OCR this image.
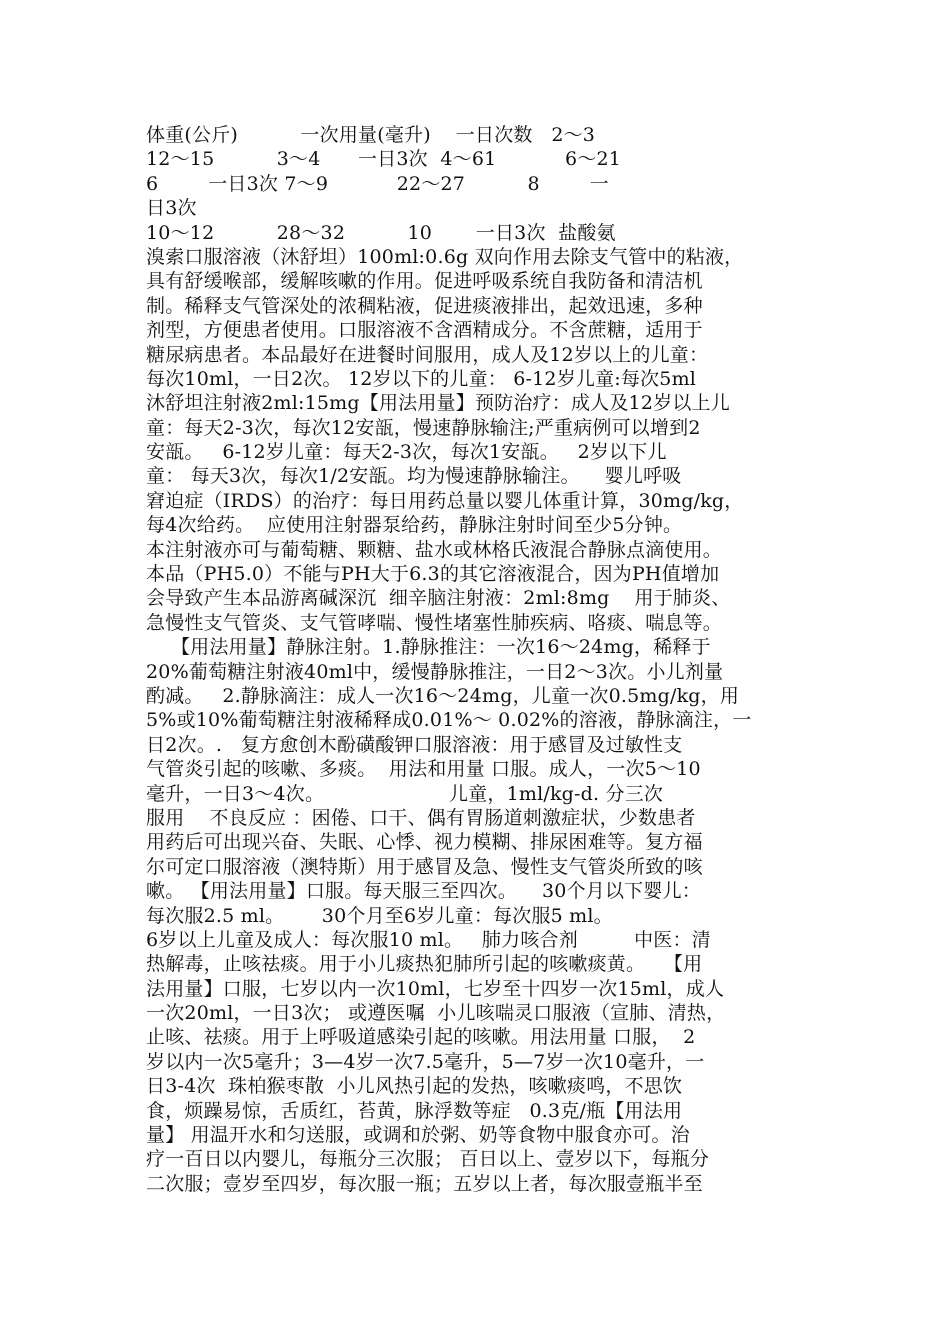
体重(公斤)          一次用量(毫升)    一日次数   2～3
12～15          3～4      一日3次  4～61           6～21
6        一日3次 7～9           22～27          8        一
日3次
10～12          28～32          10       一日3次  盐酸氨
溴索口服溶液（沐舒坦）100ml:0.6g 双向作用去除支气管中的粘液，
具有舒缓喉部，缓解咳嗽的作用。促进呼吸系统自我防备和清洁机
制。稀释支气管深处的浓稠粘液，促进痰液排出，起效迅速，多种
剂型，方便患者使用。口服溶液不含酒精成分。不含蔗糖，适用于
糖尿病患者。本品最好在进餐时间服用，成人及12岁以上的儿童：
每次10ml，一日2次。 12岁以下的儿童： 6-12岁儿童:每次5ml
沐舒坦注射液2ml:15mg【用法用量】预防治疗：成人及12岁以上儿
童：每天2-3次，每次12安瓿，慢速静脉输注;严重病例可以增到2
安瓿。   6-12岁儿童：每天2-3次，每次1安瓿。   2岁以下儿
童： 每天3次，每次1/2安瓿。均为慢速静脉输注。    婴儿呼吸
窘迫症（IRDS）的治疗：每日用药总量以婴儿体重计算，30mg/kg，
每4次给药。  应使用注射器泵给药，静脉注射时间至少5分钟。
本注射液亦可与葡萄糖、颗糖、盐水或林格氏液混合静脉点滴使用。
本品（PH5.0）不能与PH大于6.3的其它溶液混合，因为PH值增加
会导致产生本品游离碱深沉  细辛脑注射液：2ml:8mg    用于肺炎、
急慢性支气管炎、支气管哮喘、慢性堵塞性肺疾病、咯痰、喘息等。
【用法用量】静脉注射。1.静脉推注：一次16～24mg，稀释于
20%葡萄糖注射液40ml中，缓慢静脉推注，一日2～3次。小儿剂量
酌减。   2.静脉滴注：成人一次16～24mg，儿童一次0.5mg/kg，用
5%或10%葡萄糖注射液稀释成0.01%～ 0.02%的溶液，静脉滴注，一
日2次。.   复方愈创木酚磺酸钾口服溶液：用于感冒及过敏性支
气管炎引起的咳嗽、多痰。  用法和用量 口服。成人，一次5～10
毫升，一日3～4次。                    儿童，1ml/kg-d. 分三次
服用    不良反应 ：困倦、口干、偶有胃肠道刺激症状，少数患者
用药后可出现兴奋、失眠、心悸、视力模糊、排尿困难等。复方福
尔可定口服溶液（澳特斯）用于感冒及急、慢性支气管炎所致的咳
嗽。 【用法用量】口服。每天服三至四次。    30个月以下婴儿：
每次服2.5 ml。      30个月至6岁儿童：每次服5 ml。
6岁以上儿童及成人：每次服10 ml。   肺力咳合剂         中医：清
热解毒，止咳祛痰。用于小儿痰热犯肺所引起的咳嗽痰黄。   【用
法用量】口服，七岁以内一次10ml，七岁至十四岁一次15ml，成人
一次20ml，一日3次； 或遵医嘱  小儿咳喘灵口服液（宣肺、清热，
止咳、祛痰。用于上呼吸道感染引起的咳嗽。用法用量 口服，  2
岁以内一次5毫升；3—4岁一次7.5毫升，5—7岁一次10毫升，一
日3-4次  珠柏猴枣散  小儿风热引起的发热，咳嗽痰鸣，不思饮
食，烦躁易惊，舌质红，苔黄，脉浮数等症   0.3克/瓶【用法用
量】 用温开水和匀送服，或调和於粥、奶等食物中服食亦可。治
疗一百日以内婴儿，每瓶分三次服； 百日以上、壹岁以下，每瓶分
二次服；壹岁至四岁，每次服一瓶；五岁以上者，每次服壹瓶半至
